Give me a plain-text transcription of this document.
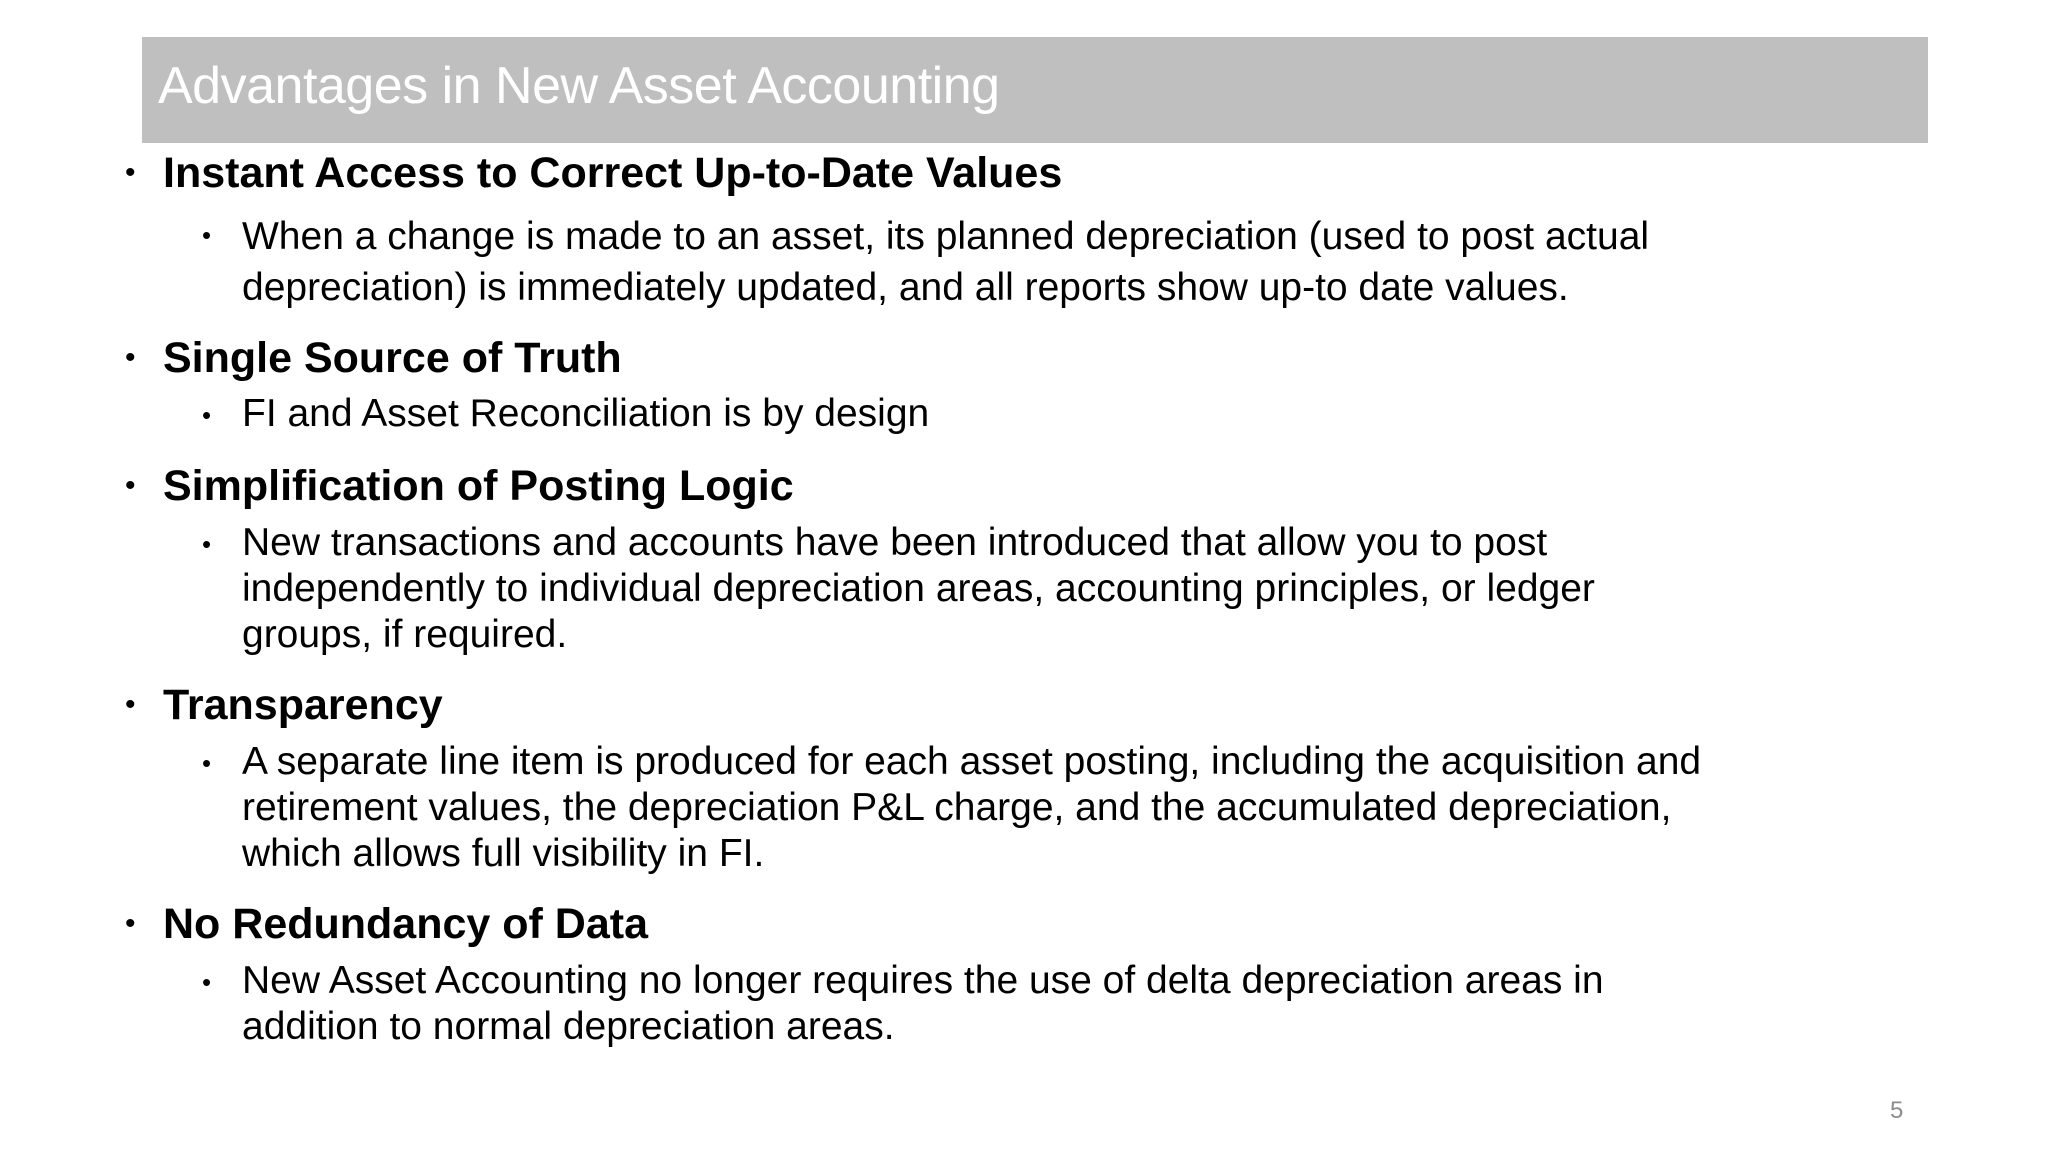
Advantages in New Asset Accounting
• Instant Access to Correct Up-to-Date Values
• When a change is made to an asset, its planned depreciation (used to post actual
depreciation) is immediately updated, and all reports show up-to date values.
• Single Source of Truth
• FI and Asset Reconciliation is by design
• Simplification of Posting Logic
• New transactions and accounts have been introduced that allow you to post
independently to individual depreciation areas, accounting principles, or ledger
groups, if required.
• Transparency
• A separate line item is produced for each asset posting, including the acquisition and
retirement values, the depreciation P&L charge, and the accumulated depreciation,
which allows full visibility in FI.
• No Redundancy of Data
• New Asset Accounting no longer requires the use of delta depreciation areas in
addition to normal depreciation areas.
5
